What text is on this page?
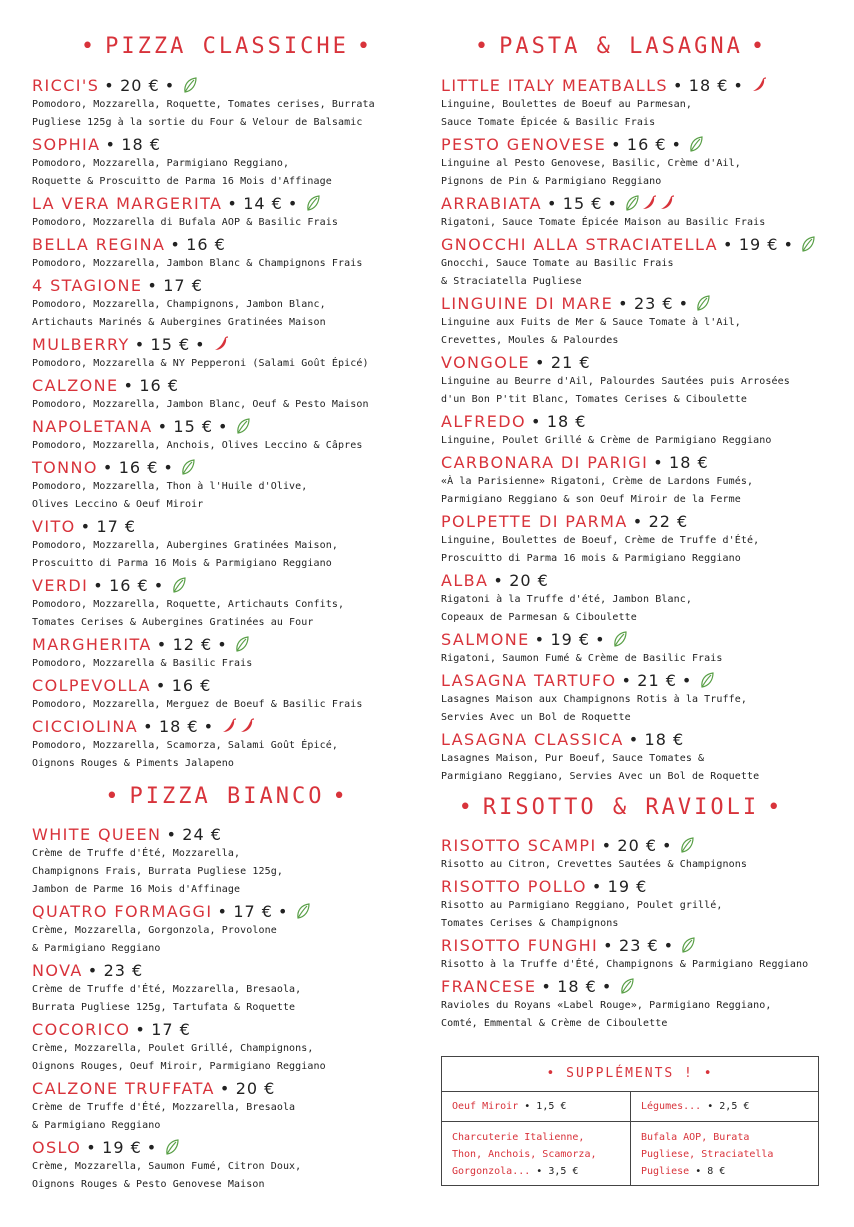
• PIZZA CLASSICHE •
RICCI'S • 20 € •
Pomodoro, Mozzarella, Roquette, Tomates cerises, Burrata
Pugliese 125g à la sortie du Four & Velour de Balsamic
SOPHIA • 18 €
Pomodoro, Mozzarella, Parmigiano Reggiano,
Roquette & Proscuitto de Parma 16 Mois d'Affinage
LA VERA MARGERITA • 14 € •
Pomodoro, Mozzarella di Bufala AOP & Basilic Frais
BELLA REGINA • 16 €
Pomodoro, Mozzarella, Jambon Blanc & Champignons Frais
4 STAGIONE • 17 €
Pomodoro, Mozzarella, Champignons, Jambon Blanc,
Artichauts Marinés & Aubergines Gratinées Maison
MULBERRY • 15 € •
Pomodoro, Mozzarella & NY Pepperoni (Salami Goût Épicé)
CALZONE • 16 €
Pomodoro, Mozzarella, Jambon Blanc, Oeuf & Pesto Maison
NAPOLETANA • 15 € •
Pomodoro, Mozzarella, Anchois, Olives Leccino & Câpres
TONNO • 16 € •
Pomodoro, Mozzarella, Thon à l'Huile d'Olive,
Olives Leccino & Oeuf Miroir
VITO • 17 €
Pomodoro, Mozzarella, Aubergines Gratinées Maison,
Proscuitto di Parma 16 Mois & Parmigiano Reggiano
VERDI • 16 € •
Pomodoro, Mozzarella, Roquette, Artichauts Confits,
Tomates Cerises & Aubergines Gratinées au Four
MARGHERITA • 12 € •
Pomodoro, Mozzarella & Basilic Frais
COLPEVOLLA • 16 €
Pomodoro, Mozzarella, Merguez de Boeuf & Basilic Frais
CICCIOLINA • 18 € •
Pomodoro, Mozzarella, Scamorza, Salami Goût Épicé,
Oignons Rouges & Piments Jalapeno
• PIZZA BIANCO •
WHITE QUEEN • 24 €
Crème de Truffe d'Été, Mozzarella,
Champignons Frais, Burrata Pugliese 125g,
Jambon de Parme 16 Mois d'Affinage
QUATRO FORMAGGI • 17 € •
Crème, Mozzarella, Gorgonzola, Provolone
& Parmigiano Reggiano
NOVA • 23 €
Crème de Truffe d'Été, Mozzarella, Bresaola,
Burrata Pugliese 125g, Tartufata & Roquette
COCORICO • 17 €
Crème, Mozzarella, Poulet Grillé, Champignons,
Oignons Rouges, Oeuf Miroir, Parmigiano Reggiano
CALZONE TRUFFATA • 20 €
Crème de Truffe d'Été, Mozzarella, Bresaola
& Parmigiano Reggiano
OSLO • 19 € •
Crème, Mozzarella, Saumon Fumé, Citron Doux,
Oignons Rouges & Pesto Genovese Maison
• PASTA & LASAGNA •
LITTLE ITALY MEATBALLS • 18 € •
Linguine, Boulettes de Boeuf au Parmesan,
Sauce Tomate Épicée & Basilic Frais
PESTO GENOVESE • 16 € •
Linguine al Pesto Genovese, Basilic, Crème d'Ail,
Pignons de Pin & Parmigiano Reggiano
ARRABIATA • 15 € •
Rigatoni, Sauce Tomate Épicée Maison au Basilic Frais
GNOCCHI ALLA STRACIATELLA • 19 € •
Gnocchi, Sauce Tomate au Basilic Frais
& Straciatella Pugliese
LINGUINE DI MARE • 23 € •
Linguine aux Fuits de Mer & Sauce Tomate à l'Ail,
Crevettes, Moules & Palourdes
VONGOLE • 21 €
Linguine au Beurre d'Ail, Palourdes Sautées puis Arrosées
d'un Bon P'tit Blanc, Tomates Cerises & Ciboulette
ALFREDO • 18 €
Linguine, Poulet Grillé & Crème de Parmigiano Reggiano
CARBONARA DI PARIGI • 18 €
«À la Parisienne» Rigatoni, Crème de Lardons Fumés,
Parmigiano Reggiano & son Oeuf Miroir de la Ferme
POLPETTE DI PARMA • 22 €
Linguine, Boulettes de Boeuf, Crème de Truffe d'Été,
Proscuitto di Parma 16 mois & Parmigiano Reggiano
ALBA • 20 €
Rigatoni à la Truffe d'été, Jambon Blanc,
Copeaux de Parmesan & Ciboulette
SALMONE • 19 € •
Rigatoni, Saumon Fumé & Crème de Basilic Frais
LASAGNA TARTUFO • 21 € •
Lasagnes Maison aux Champignons Rotis à la Truffe,
Servies Avec un Bol de Roquette
LASAGNA CLASSICA • 18 €
Lasagnes Maison, Pur Boeuf, Sauce Tomates &
Parmigiano Reggiano, Servies Avec un Bol de Roquette
• RISOTTO & RAVIOLI •
RISOTTO SCAMPI • 20 € •
Risotto au Citron, Crevettes Sautées & Champignons
RISOTTO POLLO • 19 €
Risotto au Parmigiano Reggiano, Poulet grillé,
Tomates Cerises & Champignons
RISOTTO FUNGHI • 23 € •
Risotto à la Truffe d'Été, Champignons & Parmigiano Reggiano
FRANCESE • 18 € •
Ravioles du Royans «Label Rouge», Parmigiano Reggiano,
Comté, Emmental & Crème de Ciboulette
• SUPPLÉMENTS ! •
Oeuf Miroir • 1,5 €	Légumes... • 2,5 €
Charcuterie Italienne,
Thon, Anchois, Scamorza,
Gorgonzola... • 3,5 €
Bufala AOP, Burata
Pugliese, Straciatella
Pugliese • 8 €
